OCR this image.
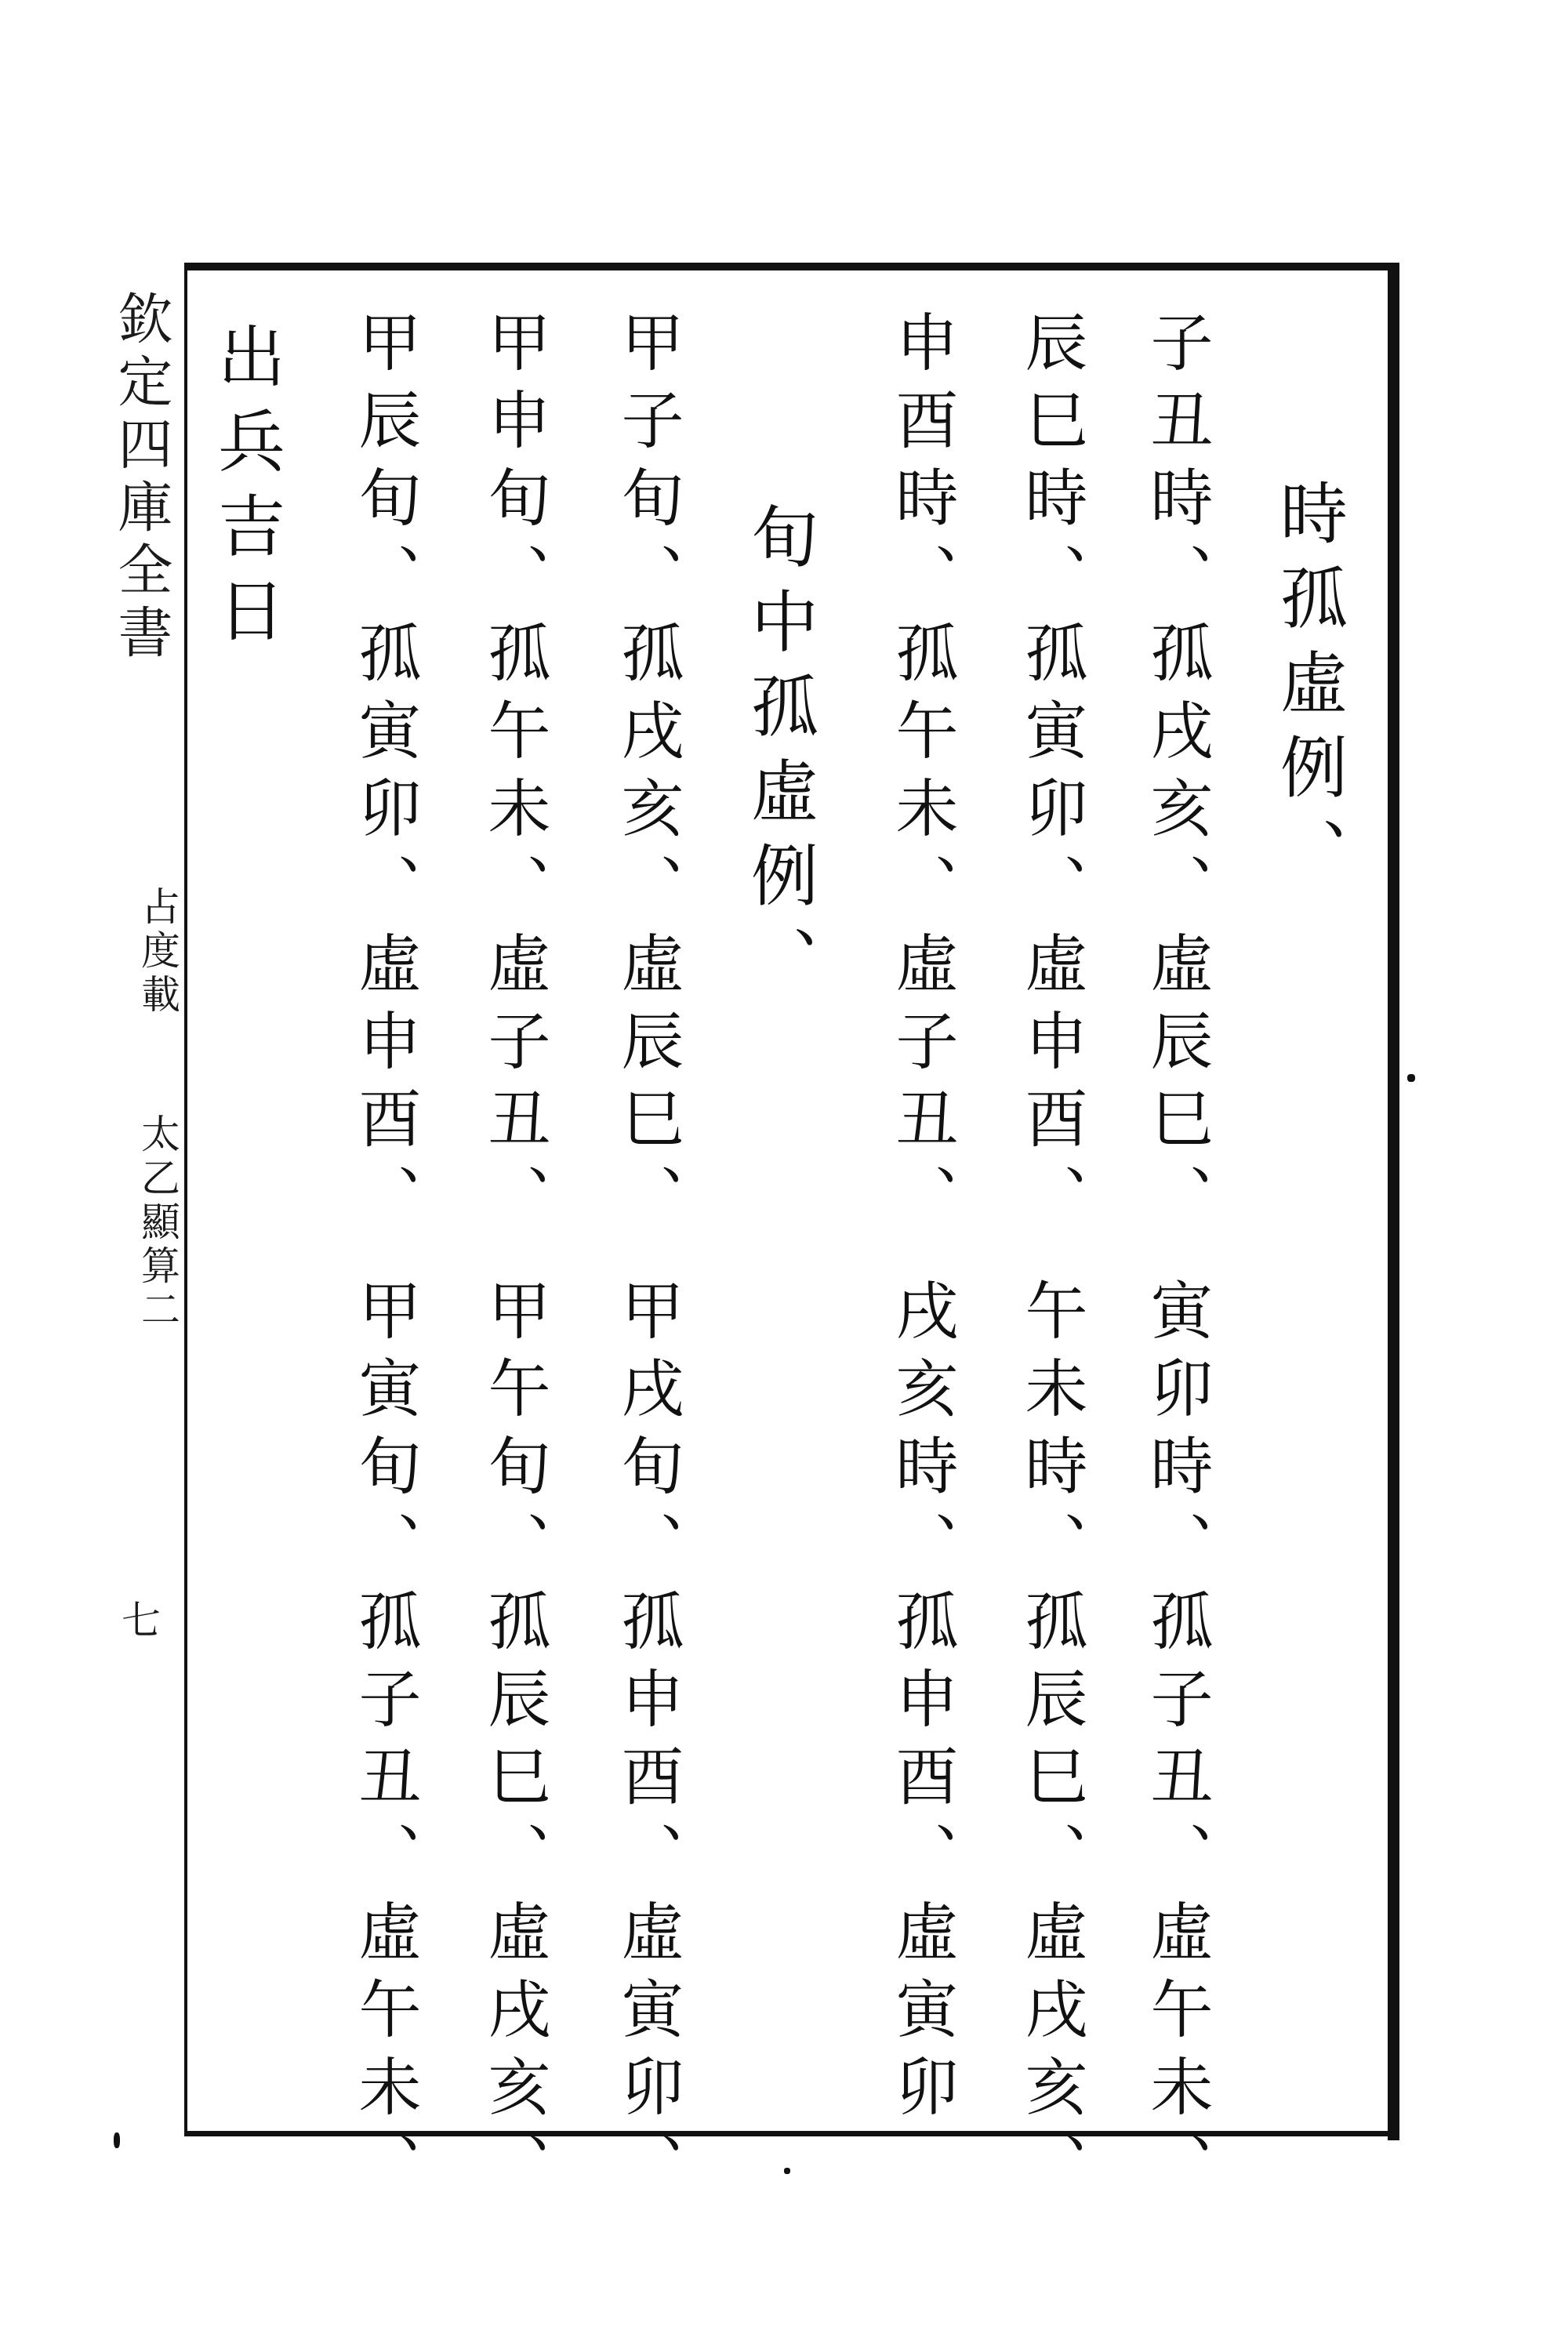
時孤虛例、
子丑時、孤戌亥、虛辰巳、
辰巳時、孤寅卯、虛申酉、
申酉時、孤午未、虛子丑、
寅卯時、孤子丑、虛午未、
午未時、孤辰巳、虛戌亥、
戌亥時、孤申酉、虛寅卯
旬中孤虛例、
甲子旬、孤戌亥、虛辰巳、
甲申旬、孤午未、虛子丑、
甲辰旬、孤寅卯、虛申酉、
甲戌旬、孤申酉、虛寅卯、
甲午旬、孤辰巳、虛戌亥、
甲寅旬、孤子丑、虛午未、
出兵吉日
欽定四庫全書
占度載
太乙顯算二
七
